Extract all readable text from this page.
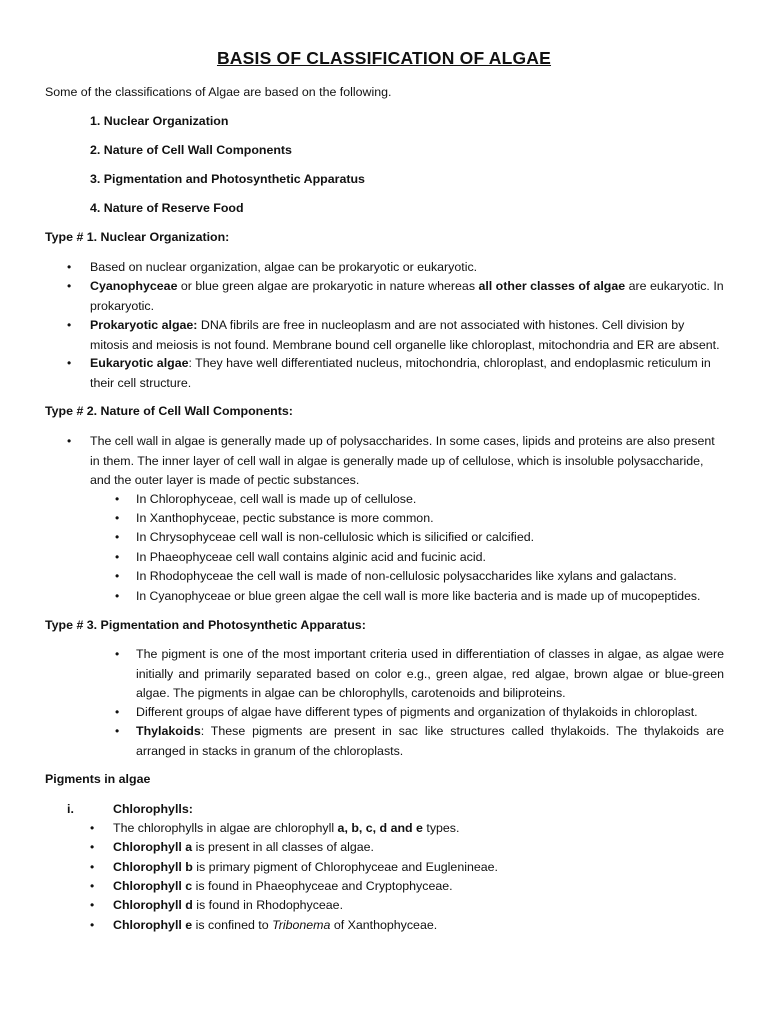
BASIS OF CLASSIFICATION OF ALGAE
Some of the classifications of Algae are based on the following.
1. Nuclear Organization
2. Nature of Cell Wall Components
3. Pigmentation and Photosynthetic Apparatus
4. Nature of Reserve Food
Type # 1. Nuclear Organization:
• Based on nuclear organization, algae can be prokaryotic or eukaryotic.
• Cyanophyceae or blue green algae are prokaryotic in nature whereas all other classes of algae are eukaryotic. In prokaryotic.
• Prokaryotic algae: DNA fibrils are free in nucleoplasm and are not associated with histones. Cell division by mitosis and meiosis is not found. Membrane bound cell organelle like chloroplast, mitochondria and ER are absent.
• Eukaryotic algae: They have well differentiated nucleus, mitochondria, chloroplast, and endoplasmic reticulum in their cell structure.
Type # 2. Nature of Cell Wall Components:
• The cell wall in algae is generally made up of polysaccharides. In some cases, lipids and proteins are also present in them. The inner layer of cell wall in algae is generally made up of cellulose, which is insoluble polysaccharide, and the outer layer is made of pectic substances.
• In Chlorophyceae, cell wall is made up of cellulose.
• In Xanthophyceae, pectic substance is more common.
• In Chrysophyceae cell wall is non-cellulosic which is silicified or calcified.
• In Phaeophyceae cell wall contains alginic acid and fucinic acid.
• In Rhodophyceae the cell wall is made of non-cellulosic polysaccharides like xylans and galactans.
• In Cyanophyceae or blue green algae the cell wall is more like bacteria and is made up of mucopeptides.
Type # 3. Pigmentation and Photosynthetic Apparatus:
• The pigment is one of the most important criteria used in differentiation of classes in algae, as algae were initially and primarily separated based on color e.g., green algae, red algae, brown algae or blue-green algae. The pigments in algae can be chlorophylls, carotenoids and biliproteins.
• Different groups of algae have different types of pigments and organization of thylakoids in chloroplast.
• Thylakoids: These pigments are present in sac like structures called thylakoids. The thylakoids are arranged in stacks in granum of the chloroplasts.
Pigments in algae
i.	Chlorophylls:
• The chlorophylls in algae are chlorophyll a, b, c, d and e types.
• Chlorophyll a is present in all classes of algae.
• Chlorophyll b is primary pigment of Chlorophyceae and Euglenineae.
• Chlorophyll c is found in Phaeophyceae and Cryptophyceae.
• Chlorophyll d is found in Rhodophyceae.
• Chlorophyll e is confined to Tribonema of Xanthophyceae.
